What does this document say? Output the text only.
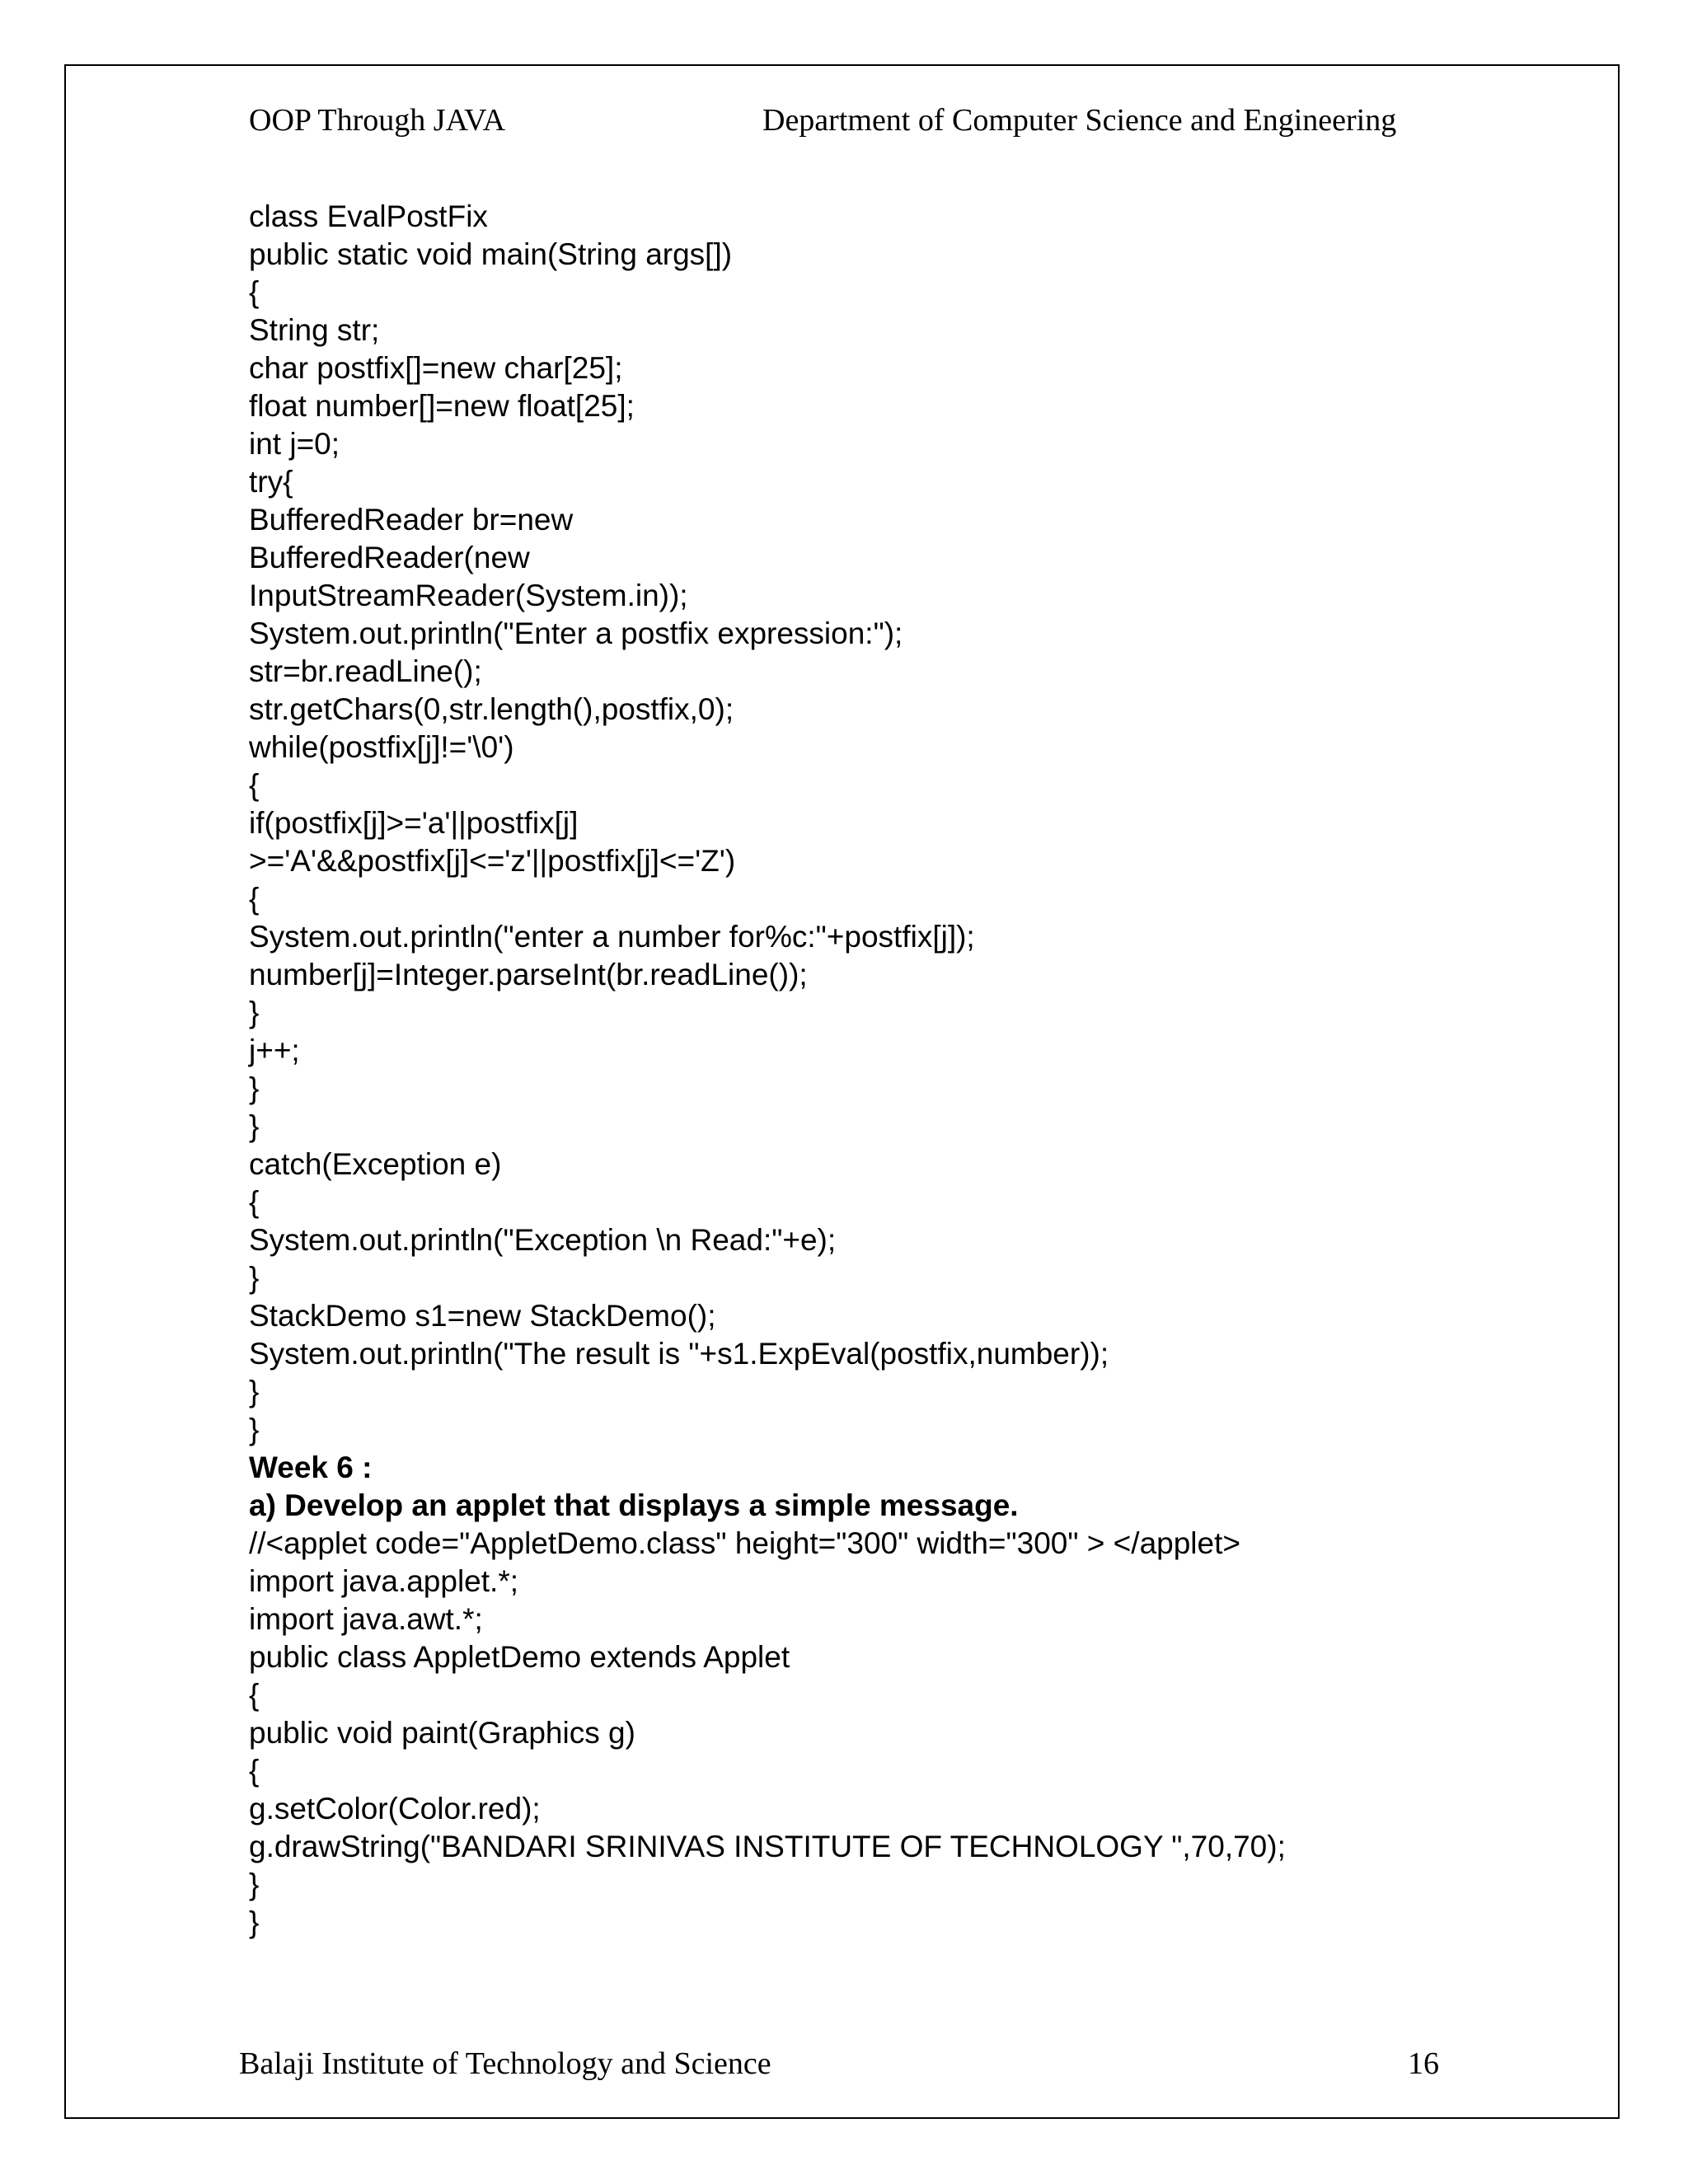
OOP Through JAVA	Department of Computer Science and Engineering
class EvalPostFix
public static void main(String args[])
{
String str;
char postfix[]=new char[25];
float number[]=new float[25];
int j=0;
try{
BufferedReader br=new
BufferedReader(new
InputStreamReader(System.in));
System.out.println("Enter a postfix expression:");
str=br.readLine();
str.getChars(0,str.length(),postfix,0);
while(postfix[j]!='\0')
{
if(postfix[j]>='a'||postfix[j]
>='A'&&postfix[j]<='z'||postfix[j]<='Z')
{
System.out.println("enter a number for%c:"+postfix[j]);
number[j]=Integer.parseInt(br.readLine());
}
j++;
}
}
catch(Exception e)
{
System.out.println("Exception \n Read:"+e);
}
StackDemo s1=new StackDemo();
System.out.println("The result is "+s1.ExpEval(postfix,number));
}
}
Week 6 :
a) Develop an applet that displays a simple message.
//<applet code="AppletDemo.class" height="300" width="300" > </applet>
import java.applet.*;
import java.awt.*;
public class AppletDemo extends Applet
{
public void paint(Graphics g)
{
g.setColor(Color.red);
g.drawString("BANDARI SRINIVAS INSTITUTE OF TECHNOLOGY ",70,70);
}
}
Balaji Institute of Technology and Science	16
